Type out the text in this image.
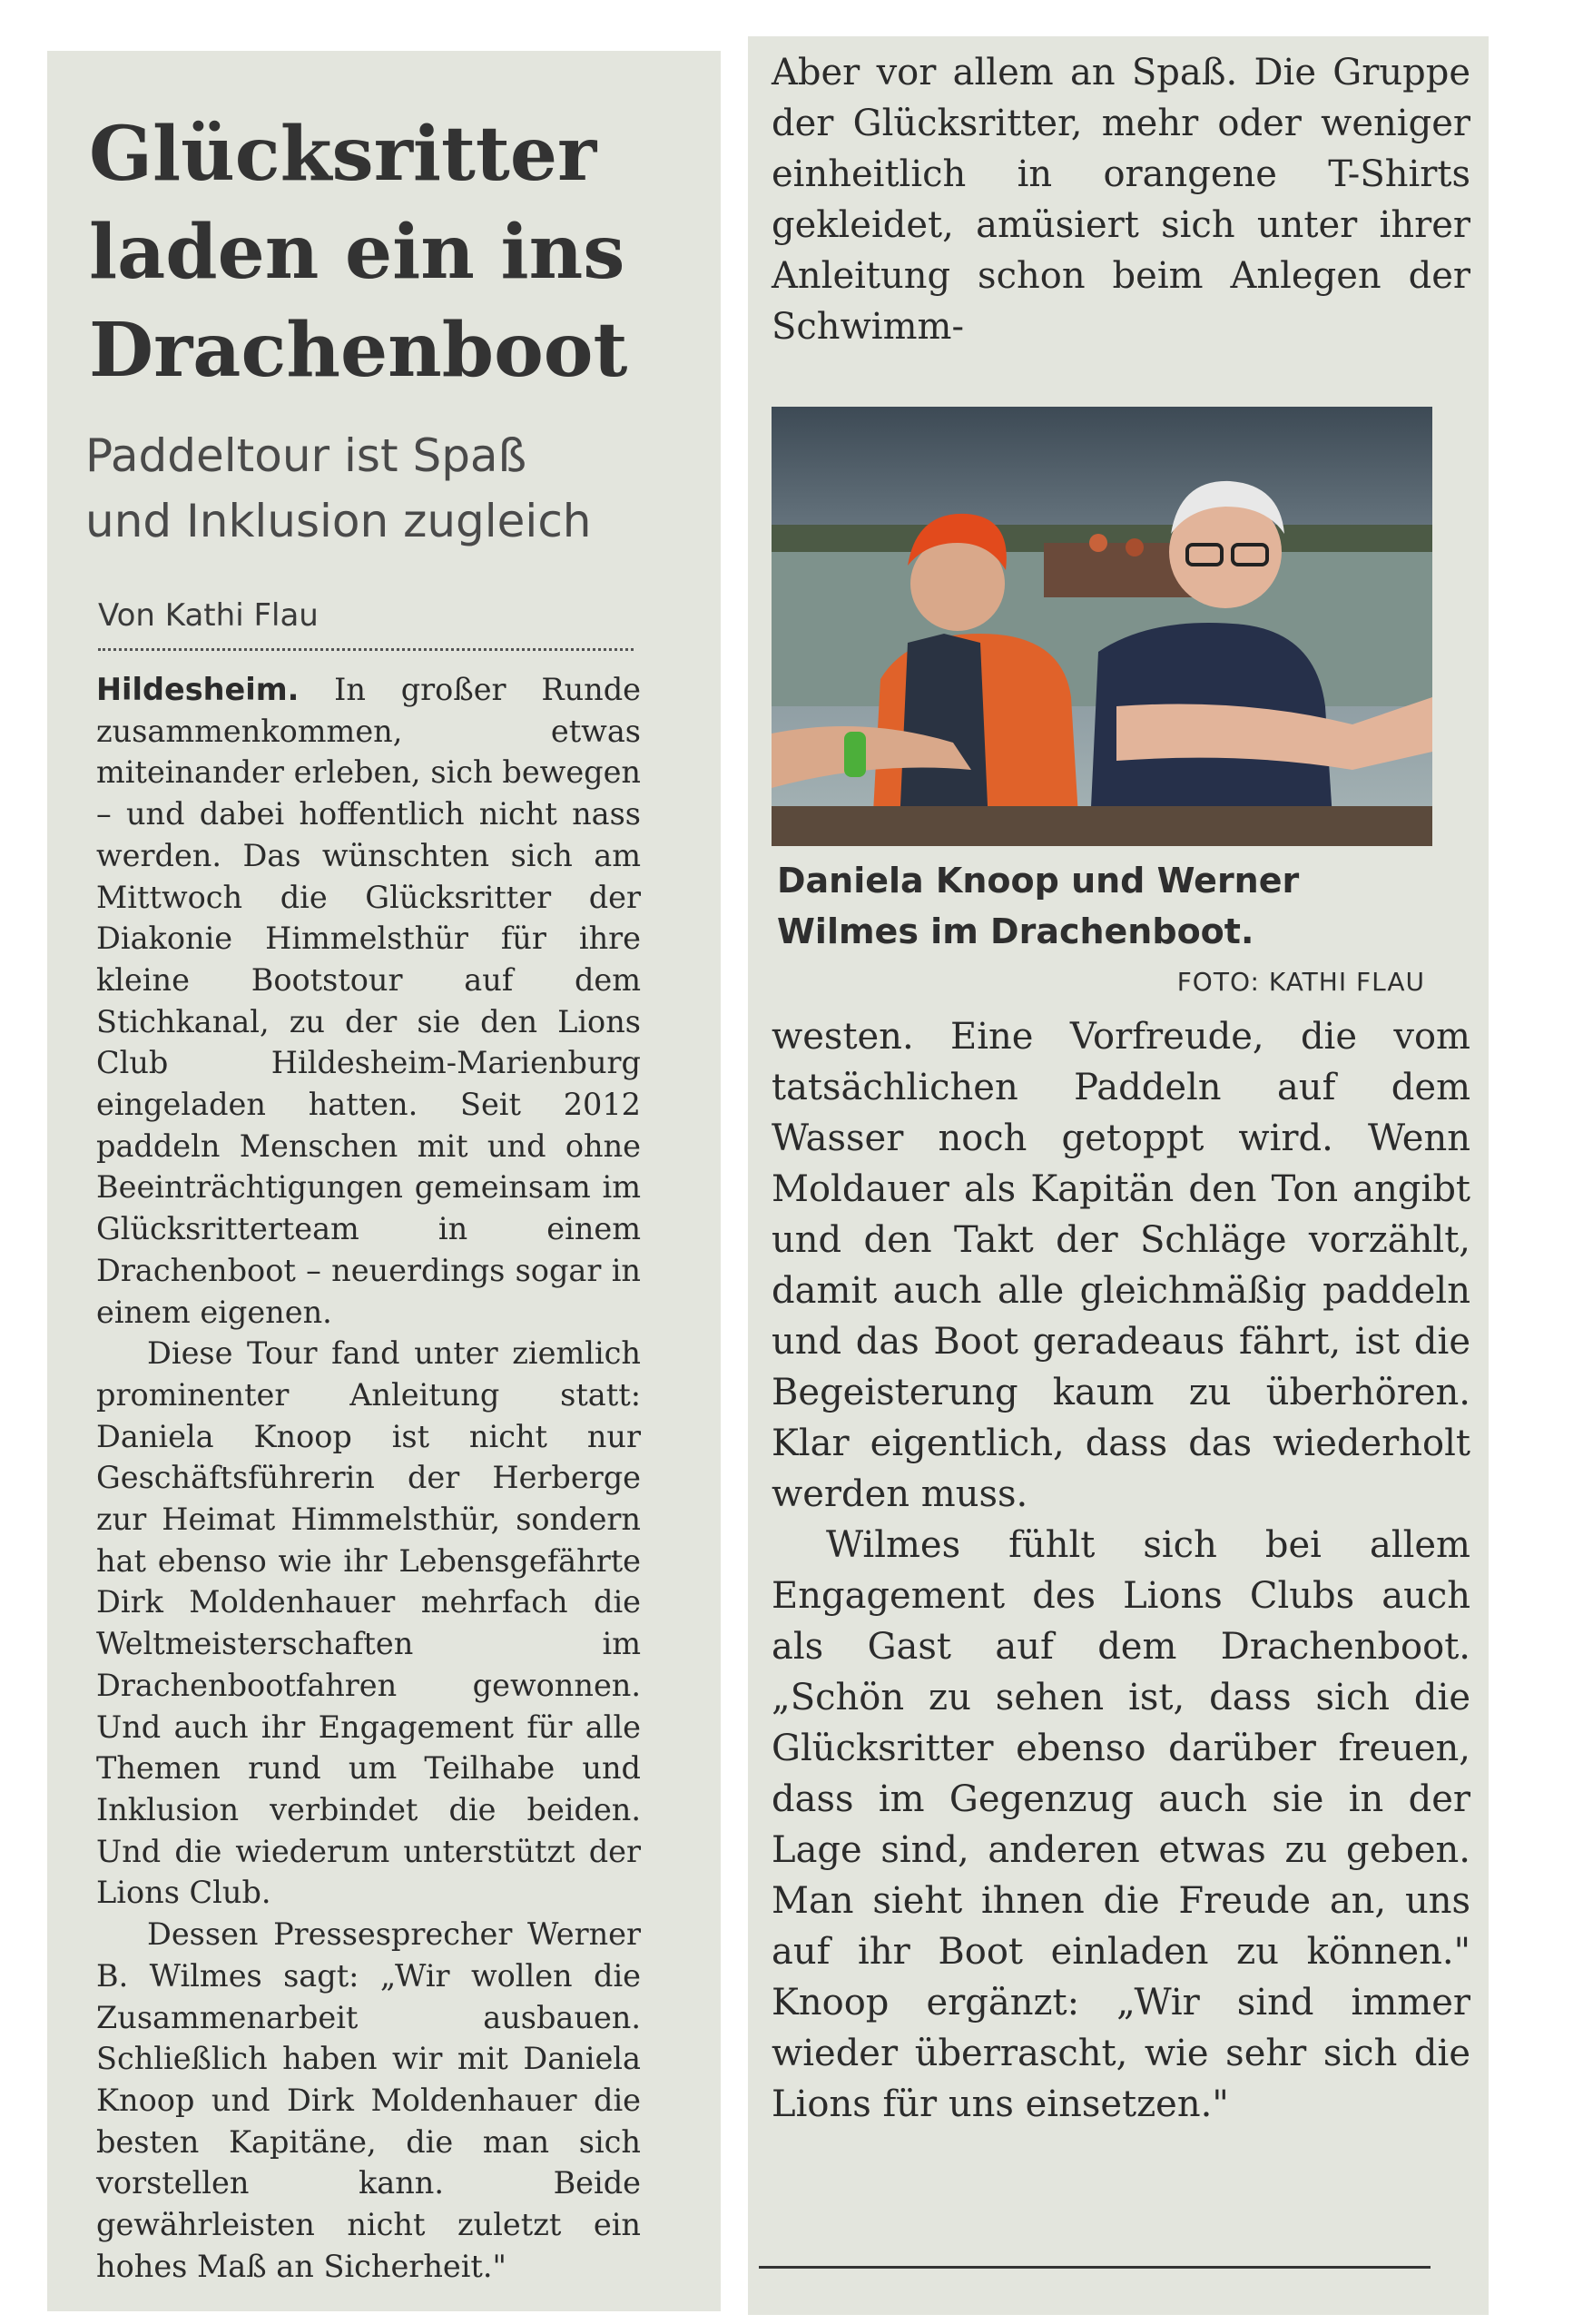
Glücksritter
laden ein ins
Drachenboot
Paddeltour ist Spaß
und Inklusion zugleich
Von Kathi Flau

Hildesheim. In großer Runde zusammenkommen, etwas miteinander erleben, sich bewegen – und dabei hoffentlich nicht nass werden. Das wünschten sich am Mittwoch die Glücksritter der Diakonie Himmelsthür für ihre kleine Bootstour auf dem Stichkanal, zu der sie den Lions Club Hildesheim-Marienburg eingeladen hatten. Seit 2012 paddeln Menschen mit und ohne Beeinträchtigungen gemeinsam im Glücksritterteam in einem Drachenboot – neuerdings sogar in einem eigenen.

Diese Tour fand unter ziemlich prominenter Anleitung statt: Daniela Knoop ist nicht nur Geschäftsführerin der Herberge zur Heimat Himmelsthür, sondern hat ebenso wie ihr Lebensgefährte Dirk Moldenhauer mehrfach die Weltmeisterschaften im Drachenbootfahren gewonnen. Und auch ihr Engagement für alle Themen rund um Teilhabe und Inklusion verbindet die beiden. Und die wiederum unterstützt der Lions Club.

Dessen Pressesprecher Werner B. Wilmes sagt: „Wir wollen die Zusammenarbeit ausbauen. Schließlich haben wir mit Daniela Knoop und Dirk Moldenhauer die besten Kapitäne, die man sich vorstellen kann. Beide gewährleisten nicht zuletzt ein hohes Maß an Sicherheit."

Aber vor allem an Spaß. Die Gruppe der Glücksritter, mehr oder weniger einheitlich in orangene T-Shirts gekleidet, amüsiert sich unter ihrer Anleitung schon beim Anlegen der Schwimm-

Daniela Knoop und Werner Wilmes im Drachenboot.
FOTO: KATHI FLAU

westen. Eine Vorfreude, die vom tatsächlichen Paddeln auf dem Wasser noch getoppt wird. Wenn Moldauer als Kapitän den Ton angibt und den Takt der Schläge vorzählt, damit auch alle gleichmäßig paddeln und das Boot geradeaus fährt, ist die Begeisterung kaum zu überhören. Klar eigentlich, dass das wiederholt werden muss.

Wilmes fühlt sich bei allem Engagement des Lions Clubs auch als Gast auf dem Drachenboot. „Schön zu sehen ist, dass sich die Glücksritter ebenso darüber freuen, dass im Gegenzug auch sie in der Lage sind, anderen etwas zu geben. Man sieht ihnen die Freude an, uns auf ihr Boot einladen zu können." Knoop ergänzt: „Wir sind immer wieder überrascht, wie sehr sich die Lions für uns einsetzen."
